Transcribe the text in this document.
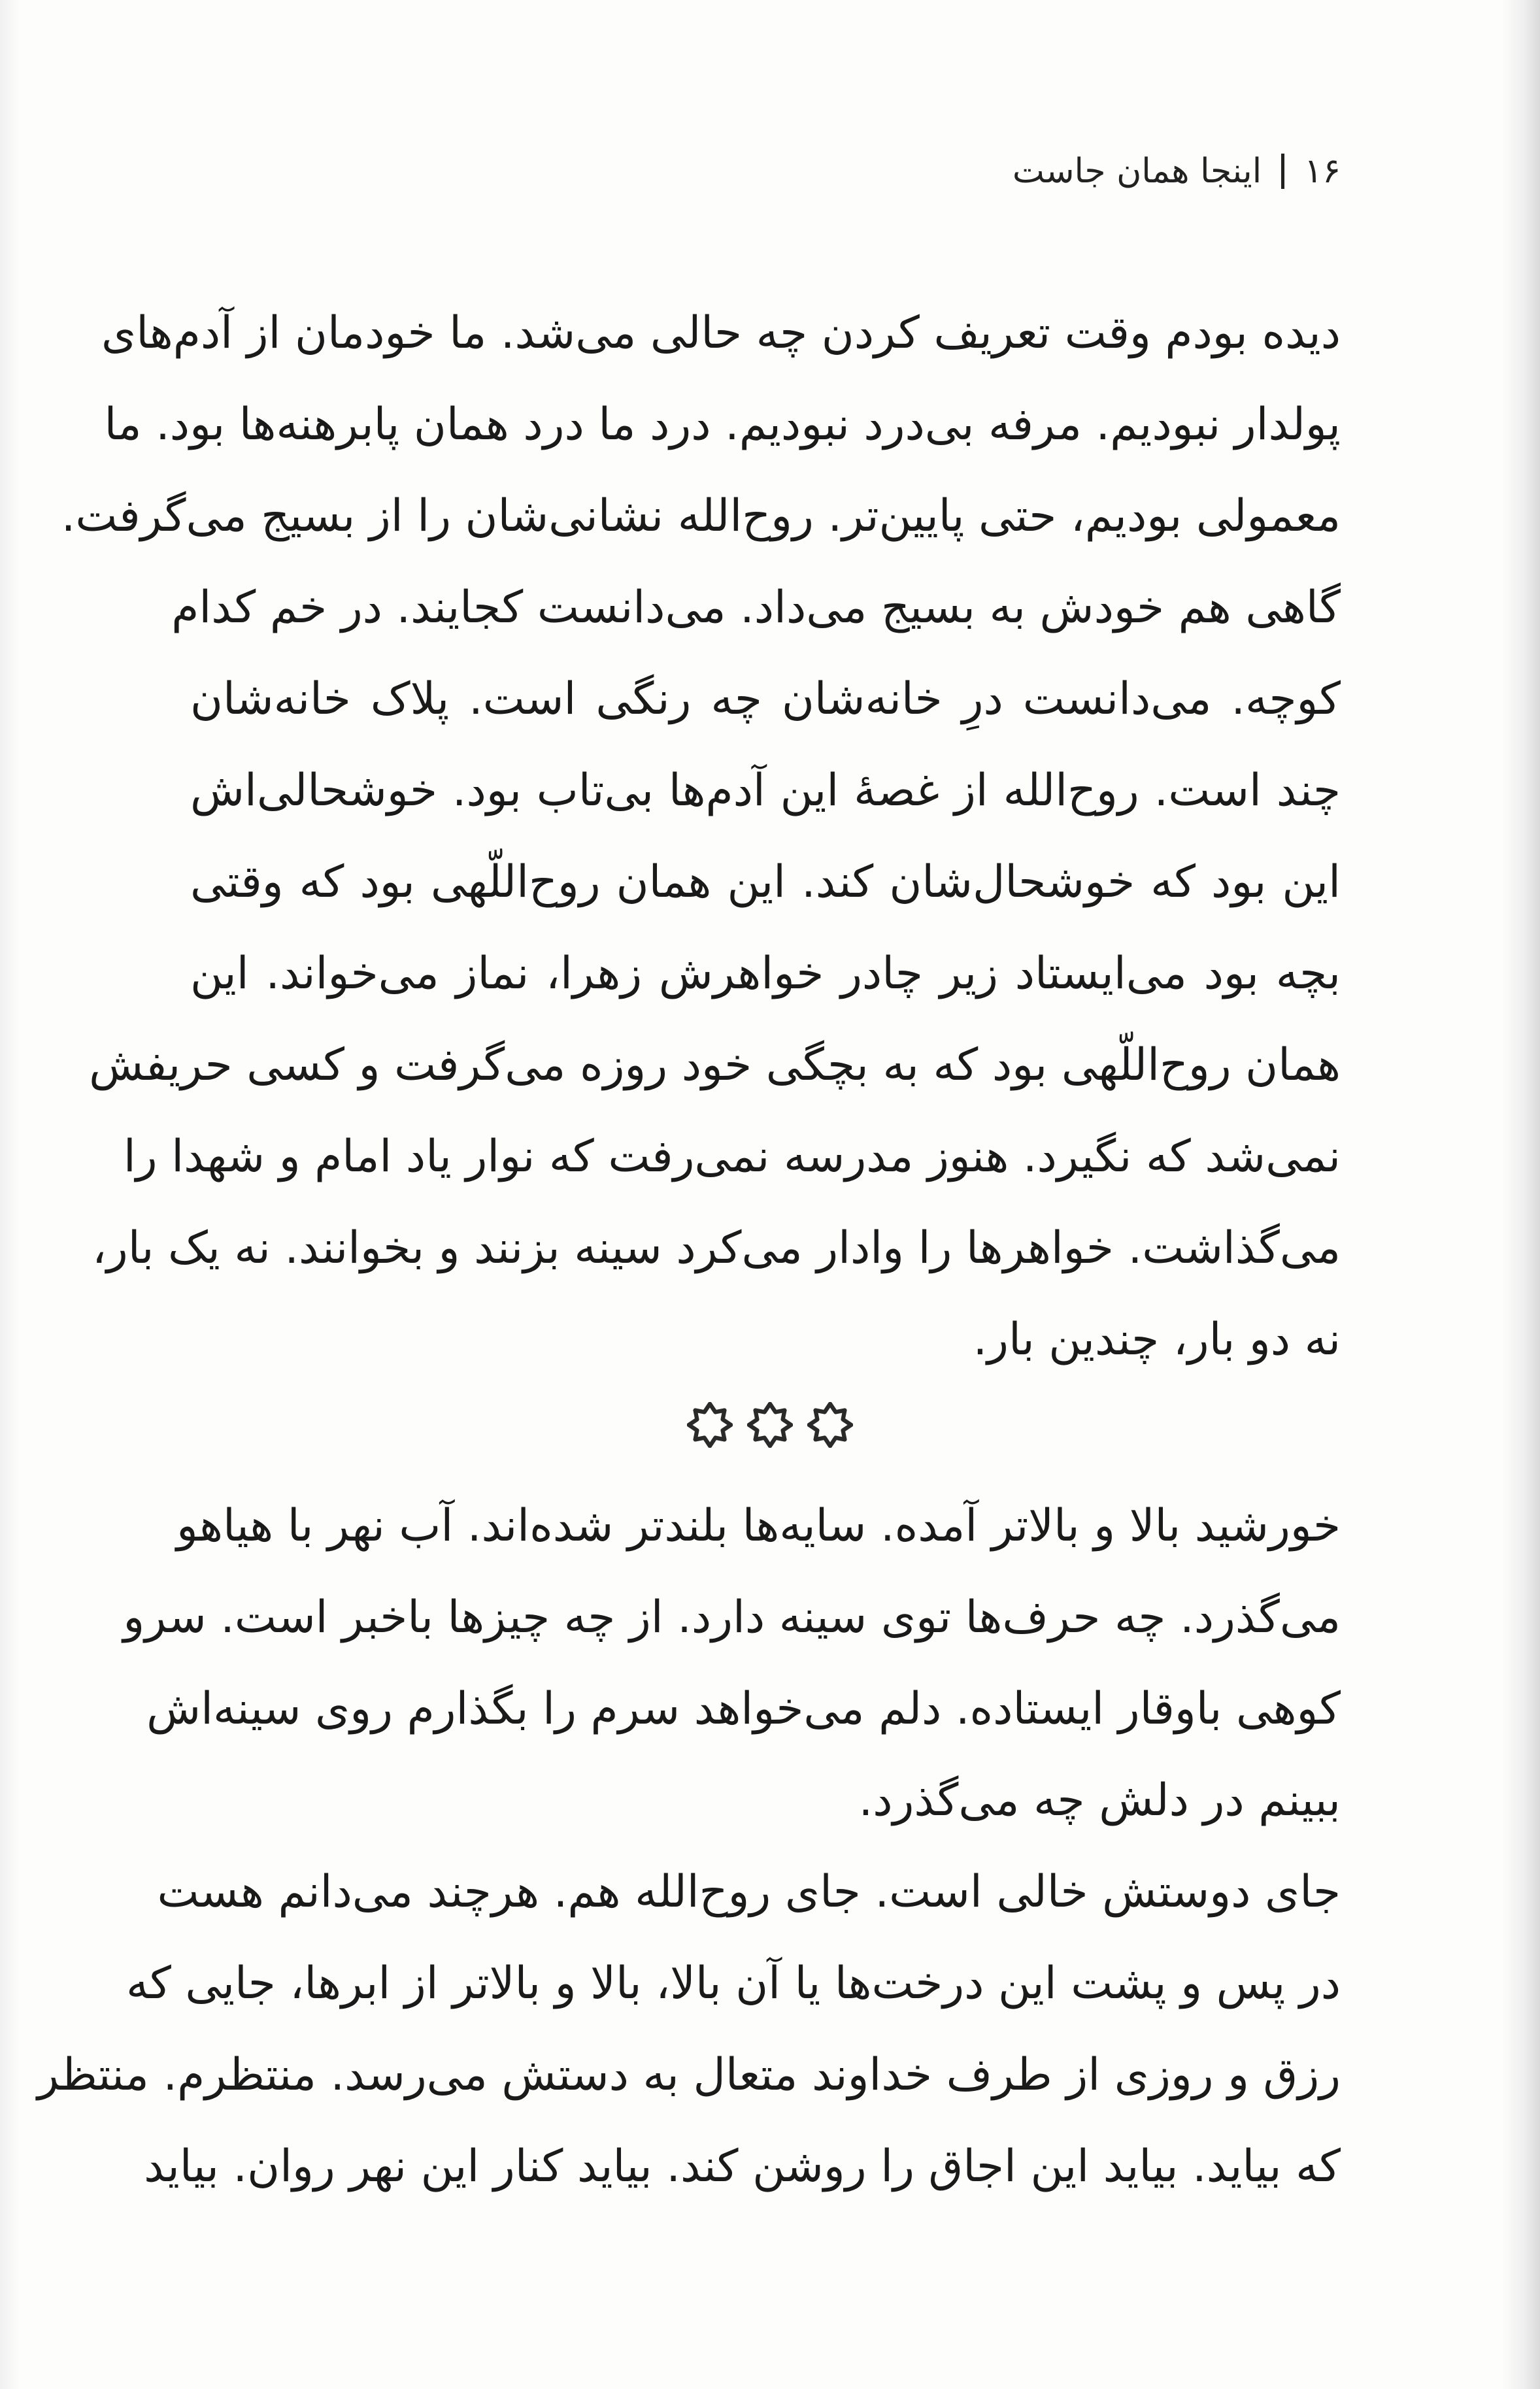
۱۶
اینجا همان جاست
دیده بودم وقت تعریف کردن چه حالی می‌شد. ما خودمان از آدم‌های
پولدار نبودیم. مرفه بی‌درد نبودیم. درد ما درد همان پابرهنه‌ها بود. ما
معمولی بودیم، حتی پایین‌تر. روح‌الله نشانی‌شان را از بسیج می‌گرفت.
گاهی هم خودش به بسیج می‌داد. می‌دانست کجایند. در خم کدام
کوچه. می‌دانست درِ خانه‌شان چه رنگی است. پلاک خانه‌شان
چند است. روح‌الله از غصهٔ این آدم‌ها بی‌تاب بود. خوشحالی‌اش
این بود که خوشحال‌شان کند. این همان روح‌اللّهی بود که وقتی
بچه بود می‌ایستاد زیر چادر خواهرش زهرا، نماز می‌خواند. این
همان روح‌اللّهی بود که به بچگی خود روزه می‌گرفت و کسی حریفش
نمی‌شد که نگیرد. هنوز مدرسه نمی‌رفت که نوار یاد امام و شهدا را
می‌گذاشت. خواهرها را وادار می‌کرد سینه بزنند و بخوانند. نه یک بار،
نه دو بار، چندین بار.
خورشید بالا و بالاتر آمده. سایه‌ها بلندتر شده‌اند. آب نهر با هیاهو
می‌گذرد. چه حرف‌ها توی سینه دارد. از چه چیزها باخبر است. سرو
کوهی باوقار ایستاده. دلم می‌خواهد سرم را بگذارم روی سینه‌اش
ببینم در دلش چه می‌گذرد.
جای دوستش خالی است. جای روح‌الله هم. هرچند می‌دانم هست
در پس و پشت این درخت‌ها یا آن بالا، بالا و بالاتر از ابرها، جایی که
رزق و روزی از طرف خداوند متعال به دستش می‌رسد. منتظرم. منتظر
که بیاید. بیاید این اجاق را روشن کند. بیاید کنار این نهر روان. بیاید
